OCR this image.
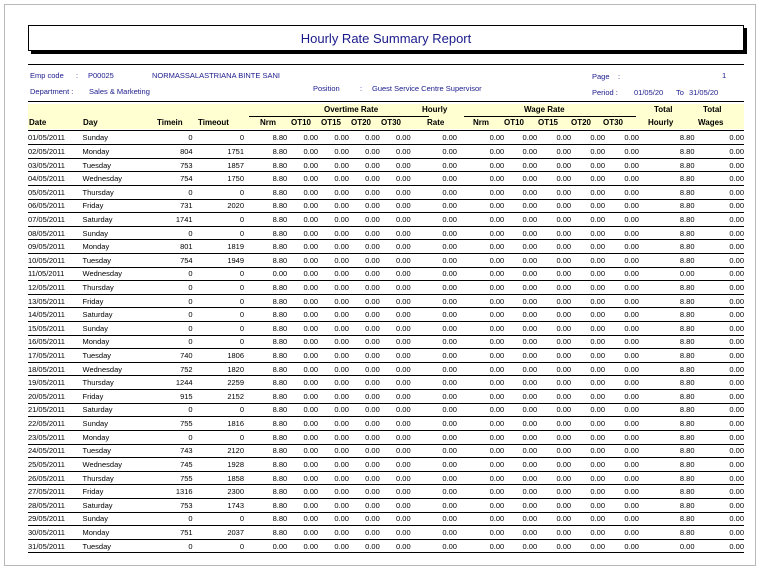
Hourly Rate Summary Report
Emp code : P00025	NORMASSALASTRIANA BINTE SANI	Page :	1
Department : Sales & Marketing	Position	: Guest Service Centre Supervisor	Period : 01/05/20 To 31/05/20
Overtime Rate	Hourly	Wage Rate	Total	Total
Date	Day	Timein Timeout	Nrm OT10 OT15 OT20 OT30	Rate	Nrm OT10 OT15 OT20 OT30	Hourly	Wages
01/05/2011	Sunday	0	0	8.80	0.00	0.00	0.00	0.00	0.00	0.00	0.00	0.00	0.00	0.00	8.80	0.00
02/05/2011	Monday	804	1751	8.80	0.00	0.00	0.00	0.00	0.00	0.00	0.00	0.00	0.00	0.00	8.80	0.00
03/05/2011	Tuesday	753	1857	8.80	0.00	0.00	0.00	0.00	0.00	0.00	0.00	0.00	0.00	0.00	8.80	0.00
04/05/2011	Wednesday	754	1750	8.80	0.00	0.00	0.00	0.00	0.00	0.00	0.00	0.00	0.00	0.00	8.80	0.00
05/05/2011	Thursday	0	0	8.80	0.00	0.00	0.00	0.00	0.00	0.00	0.00	0.00	0.00	0.00	8.80	0.00
06/05/2011	Friday	731	2020	8.80	0.00	0.00	0.00	0.00	0.00	0.00	0.00	0.00	0.00	0.00	8.80	0.00
07/05/2011	Saturday	1741	0	8.80	0.00	0.00	0.00	0.00	0.00	0.00	0.00	0.00	0.00	0.00	8.80	0.00
08/05/2011	Sunday	0	0	8.80	0.00	0.00	0.00	0.00	0.00	0.00	0.00	0.00	0.00	0.00	8.80	0.00
09/05/2011	Monday	801	1819	8.80	0.00	0.00	0.00	0.00	0.00	0.00	0.00	0.00	0.00	0.00	8.80	0.00
10/05/2011	Tuesday	754	1949	8.80	0.00	0.00	0.00	0.00	0.00	0.00	0.00	0.00	0.00	0.00	8.80	0.00
11/05/2011	Wednesday	0	0	0.00	0.00	0.00	0.00	0.00	0.00	0.00	0.00	0.00	0.00	0.00	0.00	0.00
12/05/2011	Thursday	0	0	8.80	0.00	0.00	0.00	0.00	0.00	0.00	0.00	0.00	0.00	0.00	8.80	0.00
13/05/2011	Friday	0	0	8.80	0.00	0.00	0.00	0.00	0.00	0.00	0.00	0.00	0.00	0.00	8.80	0.00
14/05/2011	Saturday	0	0	8.80	0.00	0.00	0.00	0.00	0.00	0.00	0.00	0.00	0.00	0.00	8.80	0.00
15/05/2011	Sunday	0	0	8.80	0.00	0.00	0.00	0.00	0.00	0.00	0.00	0.00	0.00	0.00	8.80	0.00
16/05/2011	Monday	0	0	8.80	0.00	0.00	0.00	0.00	0.00	0.00	0.00	0.00	0.00	0.00	8.80	0.00
17/05/2011	Tuesday	740	1806	8.80	0.00	0.00	0.00	0.00	0.00	0.00	0.00	0.00	0.00	0.00	8.80	0.00
18/05/2011	Wednesday	752	1820	8.80	0.00	0.00	0.00	0.00	0.00	0.00	0.00	0.00	0.00	0.00	8.80	0.00
19/05/2011	Thursday	1244	2259	8.80	0.00	0.00	0.00	0.00	0.00	0.00	0.00	0.00	0.00	0.00	8.80	0.00
20/05/2011	Friday	915	2152	8.80	0.00	0.00	0.00	0.00	0.00	0.00	0.00	0.00	0.00	0.00	8.80	0.00
21/05/2011	Saturday	0	0	8.80	0.00	0.00	0.00	0.00	0.00	0.00	0.00	0.00	0.00	0.00	8.80	0.00
22/05/2011	Sunday	755	1816	8.80	0.00	0.00	0.00	0.00	0.00	0.00	0.00	0.00	0.00	0.00	8.80	0.00
23/05/2011	Monday	0	0	8.80	0.00	0.00	0.00	0.00	0.00	0.00	0.00	0.00	0.00	0.00	8.80	0.00
24/05/2011	Tuesday	743	2120	8.80	0.00	0.00	0.00	0.00	0.00	0.00	0.00	0.00	0.00	0.00	8.80	0.00
25/05/2011	Wednesday	745	1928	8.80	0.00	0.00	0.00	0.00	0.00	0.00	0.00	0.00	0.00	0.00	8.80	0.00
26/05/2011	Thursday	755	1858	8.80	0.00	0.00	0.00	0.00	0.00	0.00	0.00	0.00	0.00	0.00	8.80	0.00
27/05/2011	Friday	1316	2300	8.80	0.00	0.00	0.00	0.00	0.00	0.00	0.00	0.00	0.00	0.00	8.80	0.00
28/05/2011	Saturday	753	1743	8.80	0.00	0.00	0.00	0.00	0.00	0.00	0.00	0.00	0.00	0.00	8.80	0.00
29/05/2011	Sunday	0	0	8.80	0.00	0.00	0.00	0.00	0.00	0.00	0.00	0.00	0.00	0.00	8.80	0.00
30/05/2011	Monday	751	2037	8.80	0.00	0.00	0.00	0.00	0.00	0.00	0.00	0.00	0.00	0.00	8.80	0.00
31/05/2011	Tuesday	0	0	0.00	0.00	0.00	0.00	0.00	0.00	0.00	0.00	0.00	0.00	0.00	0.00	0.00
